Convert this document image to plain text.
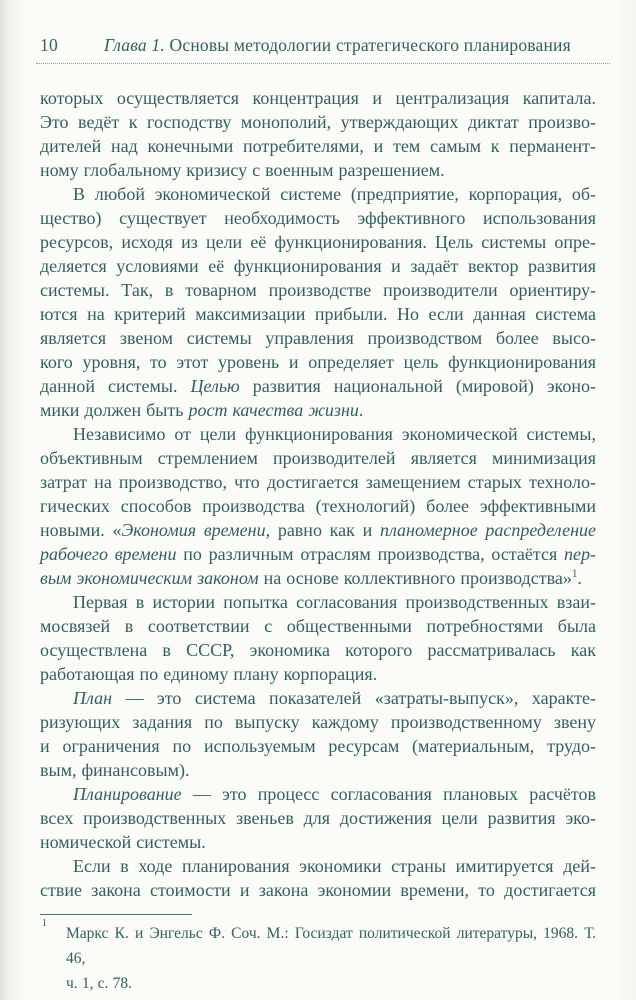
10	Глава 1. Основы методологии стратегического планирования
которых осуществляется концентрация и централизация капитала.
Это ведёт к господству монополий, утверждающих диктат произво-
дителей над конечными потребителями, и тем самым к перманент-
ному глобальному кризису с военным разрешением.
В любой экономической системе (предприятие, корпорация, об-
щество) существует необходимость эффективного использования
ресурсов, исходя из цели её функционирования. Цель системы опре-
деляется условиями её функционирования и задаёт вектор развития
системы. Так, в товарном производстве производители ориентиру-
ются на критерий максимизации прибыли. Но если данная система
является звеном системы управления производством более высо-
кого уровня, то этот уровень и определяет цель функционирования
данной системы. Целью развития национальной (мировой) эконо-
мики должен быть рост качества жизни.
Независимо от цели функционирования экономической системы,
объективным стремлением производителей является минимизация
затрат на производство, что достигается замещением старых техноло-
гических способов производства (технологий) более эффективными
новыми. «Экономия времени, равно как и планомерное распределение
рабочего времени по различным отраслям производства, остаётся пер-
вым экономическим законом на основе коллективного производства»$^1$.
Первая в истории попытка согласования производственных взаи-
мосвязей в соответствии с общественными потребностями была
осуществлена в СССР, экономика которого рассматривалась как
работающая по единому плану корпорация.
План — это система показателей «затраты-выпуск», характе-
ризующих задания по выпуску каждому производственному звену
и ограничения по используемым ресурсам (материальным, трудо-
вым, финансовым).
Планирование — это процесс согласования плановых расчётов
всех производственных звеньев для достижения цели развития эко-
номической системы.
Если в ходе планирования экономики страны имитируется дей-
ствие закона стоимости и закона экономии времени, то достигается
1
Маркс К. и Энгельс Ф. Соч. М.: Госиздат политической литературы, 1968. Т. 46,
ч. 1, с. 78.
